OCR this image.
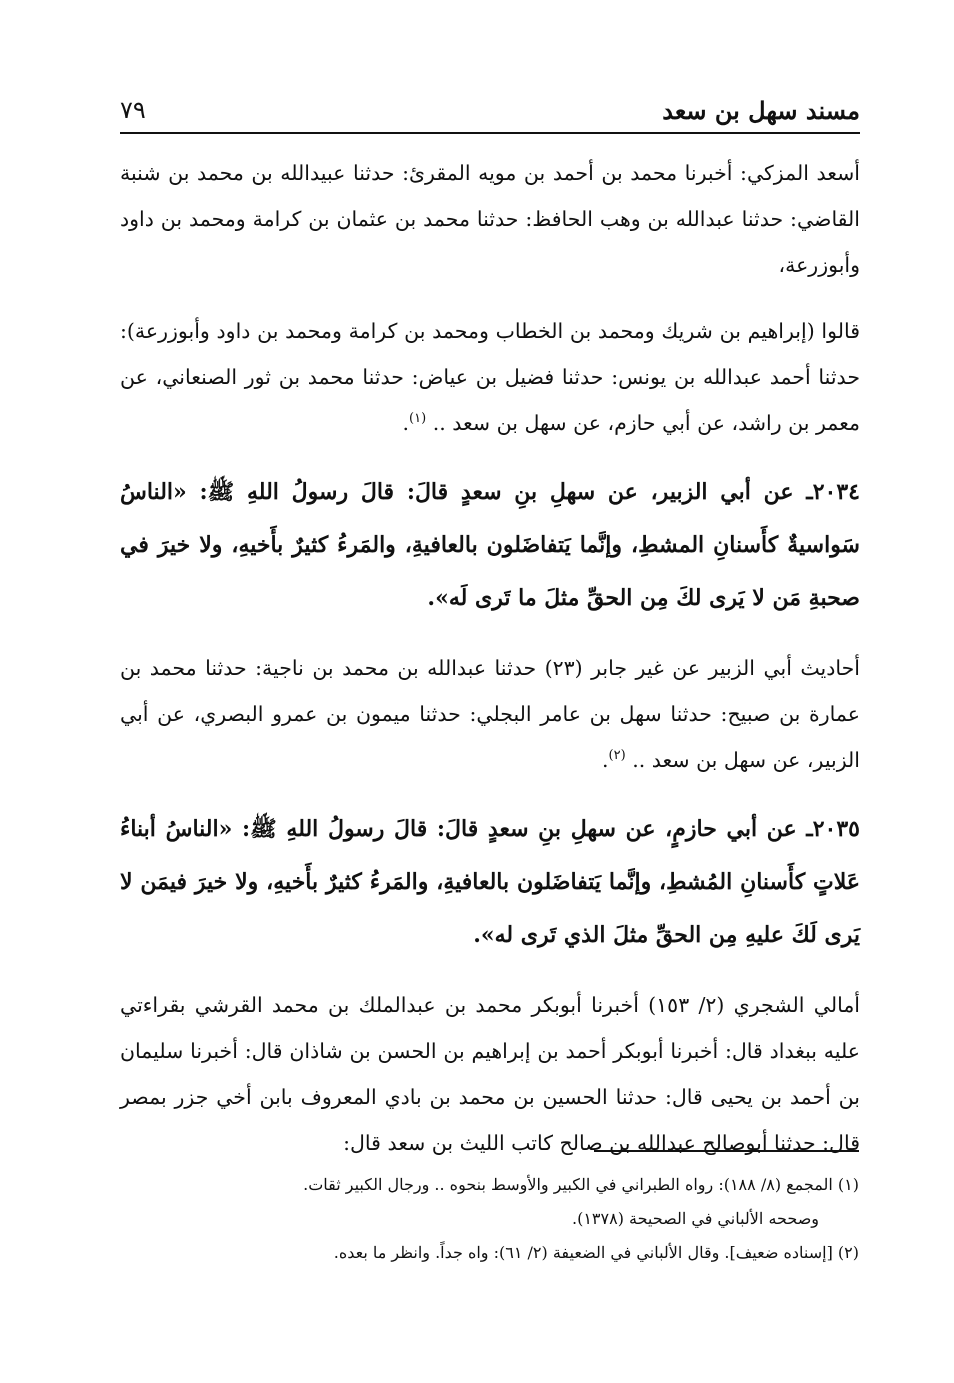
مسند سهل بن سعد
٧٩

أسعد المزكي: أخبرنا محمد بن أحمد بن مويه المقرئ: حدثنا عبيدالله بن محمد بن شنبة القاضي: حدثنا عبدالله بن وهب الحافظ: حدثنا محمد بن عثمان بن كرامة ومحمد بن داود وأبوزرعة،

قالوا (إبراهيم بن شريك ومحمد بن الخطاب ومحمد بن كرامة ومحمد بن داود وأبوزرعة): حدثنا أحمد عبدالله بن يونس: حدثنا فضيل بن عياض: حدثنا محمد بن ثور الصنعاني، عن معمر بن راشد، عن أبي حازم، عن سهل بن سعد .. $^{(١)}$.

٢٠٣٤ـ عن أبي الزبير، عن سهلِ بنِ سعدٍ قالَ: قالَ رسولُ اللهِ ﷺ: «الناسُ سَواسيةٌ كأَسنانِ المشطِ، وإنَّما يَتفاضَلون بالعافيةِ، والمَرءُ كثيرٌ بأَخيهِ، ولا خيرَ في صحبةِ مَن لا يَرى لكَ مِن الحقِّ مثلَ ما تَرى لَه».

أحاديث أبي الزبير عن غير جابر (٢٣) حدثنا عبدالله بن محمد بن ناجية: حدثنا محمد بن عمارة بن صبيح: حدثنا سهل بن عامر البجلي: حدثنا ميمون بن عمرو البصري، عن أبي الزبير، عن سهل بن سعد .. $^{(٢)}$.

٢٠٣٥ـ عن أبي حازمٍ، عن سهلِ بنِ سعدٍ قالَ: قالَ رسولُ اللهِ ﷺ: «الناسُ أبناءُ عَلاتٍ كأَسنانِ المُشطِ، وإنَّما يَتفاضَلون بالعافيةِ، والمَرءُ كثيرٌ بأَخيهِ، ولا خيرَ فيمَن لا يَرى لَكَ عليهِ مِن الحقِّ مثلَ الذي تَرى له».

أمالي الشجري (٢/ ١٥٣) أخبرنا أبوبكر محمد بن عبدالملك بن محمد القرشي بقراءتي عليه ببغداد قال: أخبرنا أبوبكر أحمد بن إبراهيم بن الحسن بن شاذان قال: أخبرنا سليمان بن أحمد بن يحيى قال: حدثنا الحسين بن محمد بن بادي المعروف بابن أخي جزر بمصر قال: حدثنا أبوصالح عبدالله بن صالح كاتب الليث بن سعد قال:

(١) المجمع (٨/ ١٨٨): رواه الطبراني في الكبير والأوسط بنحوه .. ورجال الكبير ثقات.
وصححه الألباني في الصحيحة (١٣٧٨).

(٢) [إسناده ضعيف]. وقال الألباني في الضعيفة (٢/ ٦١): واه جداً. وانظر ما بعده.
